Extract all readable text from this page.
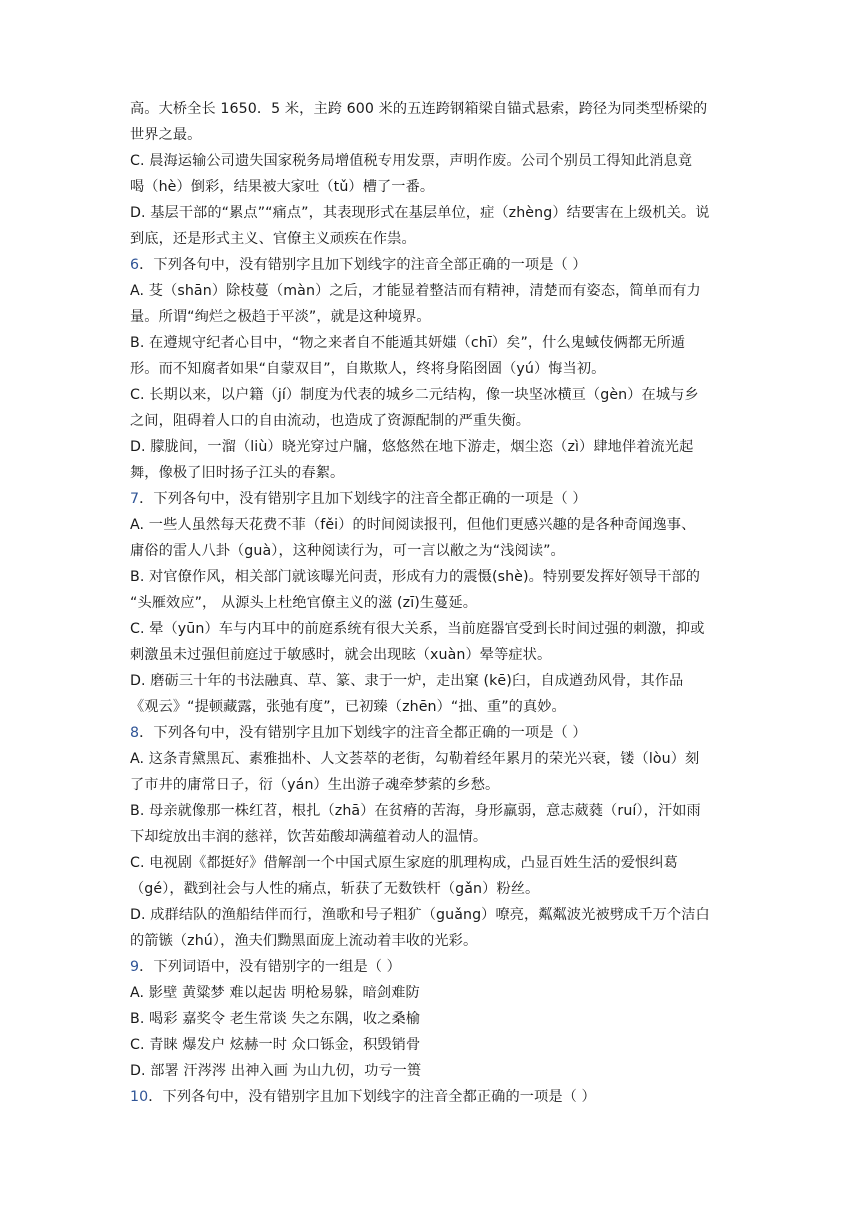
高。大桥全长 1650．5 米，主跨 600 米的五连跨钢箱梁自锚式悬索，跨径为同类型桥梁的
世界之最。
C. 晨海运输公司遗失国家税务局增值税专用发票，声明作废。公司个别员工得知此消息竟
喝（hè）倒彩，结果被大家吐（tǔ）槽了一番。
D. 基层干部的“累点”“痛点”，其表现形式在基层单位，症（zhèng）结要害在上级机关。说
到底，还是形式主义、官僚主义顽疾在作祟。
6．下列各句中，没有错别字且加下划线字的注音全部正确的一项是（ ）
A. 芟（shān）除枝蔓（màn）之后，才能显着整洁而有精神，清楚而有姿态，简单而有力
量。所谓“绚烂之极趋于平淡”，就是这种境界。
B. 在遵规守纪者心目中，“物之来者自不能遁其妍媸（chī）矣”，什么鬼蜮伎俩都无所遁
形。而不知腐者如果“自蒙双目”，自欺欺人，终将身陷囹圄（yú）悔当初。
C. 长期以来，以户籍（jí）制度为代表的城乡二元结构，像一块坚冰横亘（gèn）在城与乡
之间，阻碍着人口的自由流动，也造成了资源配制的严重失衡。
D. 朦胧间，一溜（liù）晓光穿过户牖，悠悠然在地下游走，烟尘恣（zì）肆地伴着流光起
舞，像极了旧时扬子江头的春絮。
7．下列各句中，没有错别字且加下划线字的注音全都正确的一项是（ ）
A. 一些人虽然每天花费不菲（fěi）的时间阅读报刊，但他们更感兴趣的是各种奇闻逸事、
庸俗的雷人八卦（guà），这种阅读行为，可一言以敝之为“浅阅读”。
B. 对官僚作风，相关部门就该曝光问责，形成有力的震慑(shè)。特别要发挥好领导干部的
“头雁效应”， 从源头上杜绝官僚主义的滋 (zī)生蔓延。
C. 晕（yūn）车与内耳中的前庭系统有很大关系，当前庭器官受到长时间过强的刺激，抑或
刺激虽未过强但前庭过于敏感时，就会出现眩（xuàn）晕等症状。
D. 磨砺三十年的书法融真、草、篆、隶于一炉，走出窠 (kē)臼，自成遒劲风骨，其作品
《观云》“提顿藏露，张弛有度”，已初臻（zhēn）“拙、重”的真妙。
8．下列各句中，没有错别字且加下划线字的注音全都正确的一项是（ ）
A. 这条青黛黑瓦、素雅拙朴、人文荟萃的老街，勾勒着经年累月的荣光兴衰，镂（lòu）刻
了市井的庸常日子，衍（yán）生出游子魂牵梦萦的乡愁。
B. 母亲就像那一株红苕，根扎（zhā）在贫瘠的苦海，身形羸弱，意志葳蕤（ruí），汗如雨
下却绽放出丰润的慈祥，饮苦茹酸却满蕴着动人的温情。
C. 电视剧《都挺好》借解剖一个中国式原生家庭的肌理构成，凸显百姓生活的爱恨纠葛
（gé），戳到社会与人性的痛点，斩获了无数铁杆（gǎn）粉丝。
D. 成群结队的渔船结伴而行，渔歌和号子粗犷（guǎng）嘹亮，粼粼波光被劈成千万个洁白
的箭镞（zhú），渔夫们黝黑面庞上流动着丰收的光彩。
9．下列词语中，没有错别字的一组是（ ）
A. 影壁 黄粱梦 难以起齿 明枪易躲，暗剑难防
B. 喝彩 嘉奖令 老生常谈 失之东隅，收之桑榆
C. 青睐 爆发户 炫赫一时 众口铄金，积毁销骨
D. 部署 汗涔涔 出神入画 为山九仞，功亏一篑
10．下列各句中，没有错别字且加下划线字的注音全都正确的一项是（ ）
